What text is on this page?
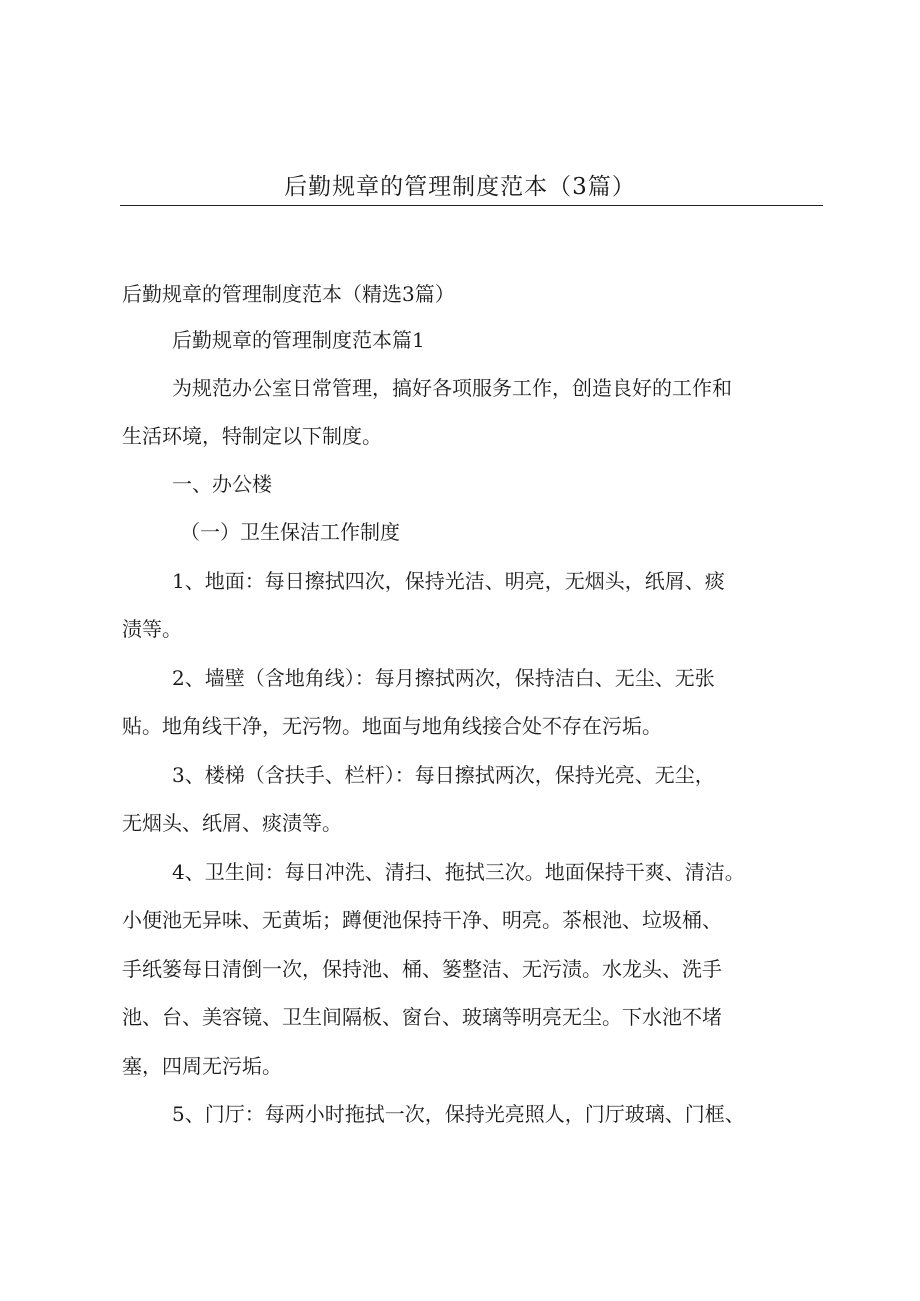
后勤规章的管理制度范本（3篇）

后勤规章的管理制度范本（精选3篇）

后勤规章的管理制度范本篇1

为规范办公室日常管理，搞好各项服务工作，创造良好的工作和

生活环境，特制定以下制度。

一、办公楼

（一）卫生保洁工作制度

1、地面：每日擦拭四次，保持光洁、明亮，无烟头，纸屑、痰

渍等。

2、墙壁（含地角线）：每月擦拭两次，保持洁白、无尘、无张

贴。地角线干净，无污物。地面与地角线接合处不存在污垢。

3、楼梯（含扶手、栏杆）：每日擦拭两次，保持光亮、无尘，

无烟头、纸屑、痰渍等。

4、卫生间：每日冲洗、清扫、拖拭三次。地面保持干爽、清洁。

小便池无异味、无黄垢；蹲便池保持干净、明亮。茶根池、垃圾桶、

手纸篓每日清倒一次，保持池、桶、篓整洁、无污渍。水龙头、洗手

池、台、美容镜、卫生间隔板、窗台、玻璃等明亮无尘。下水池不堵

塞，四周无污垢。

5、门厅：每两小时拖拭一次，保持光亮照人，门厅玻璃、门框、
